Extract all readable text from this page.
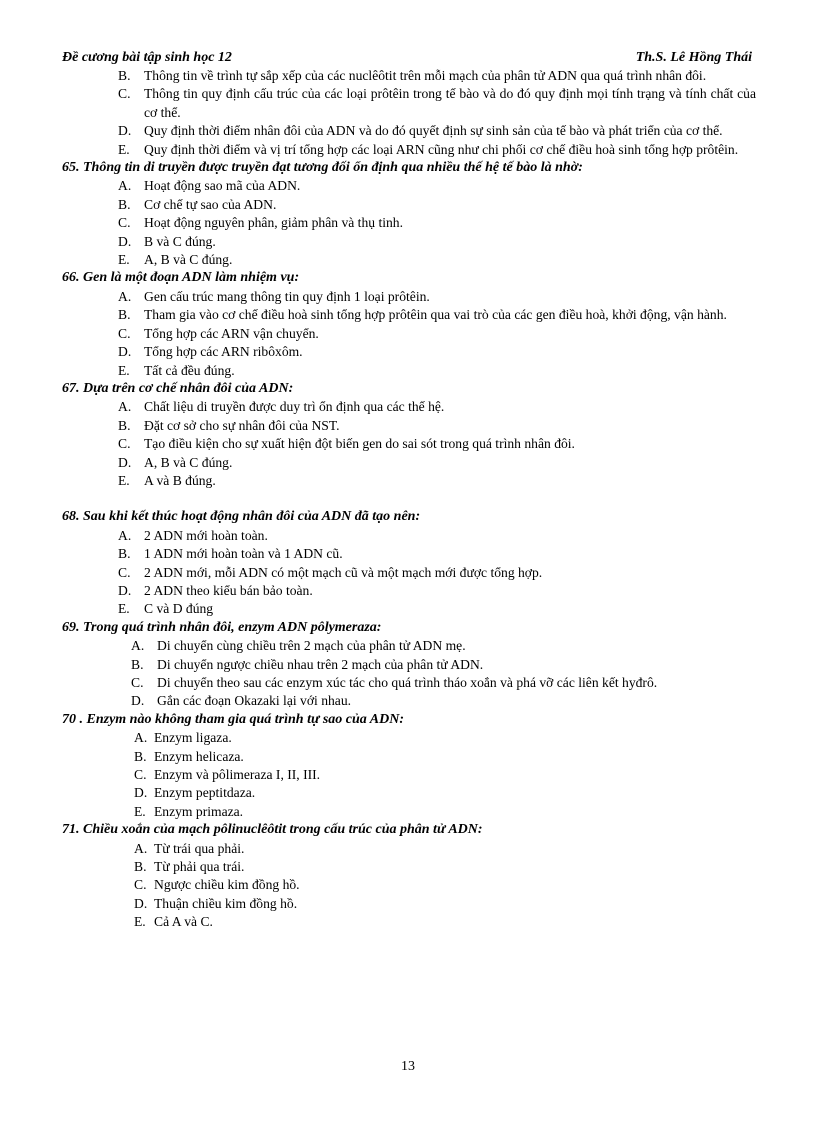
Đề cương bài tập sinh học 12	Th.S. Lê Hồng Thái
B. Thông tin về trình tự sắp xếp của các nuclêôtit trên mỗi mạch của phân tử ADN qua quá trình nhân đôi.
C. Thông tin quy định cấu trúc của các loại prôtêin trong tế bào và do đó quy định mọi tính trạng và tính chất của cơ thể.
D. Quy định thời điểm nhân đôi của ADN và do đó quyết định sự sinh sản của tế bào và phát triển của cơ thể.
E.	Quy định thời điểm và vị trí tổng hợp các loại ARN cũng như chi phối cơ chế điều hoà sinh tổng hợp prôtêin.
65. Thông tin di truyền được truyền đạt tương đối ổn định qua nhiều thế hệ tế bào là nhờ:
A. Hoạt động sao mã của ADN.
B. Cơ chế tự sao của ADN.
C. Hoạt động nguyên phân, giảm phân và thụ tinh.
D. B và C đúng.
E.	A, B và C đúng.
66. Gen là một đoạn ADN làm nhiệm vụ:
A. Gen cấu trúc mang thông tin quy định 1 loại prôtêin.
B. Tham gia vào cơ chế điều hoà sinh tổng hợp prôtêin qua vai trò của các gen điều hoà, khởi động, vận hành.
C. Tổng hợp các ARN vận chuyển.
D. Tổng hợp các ARN ribôxôm.
E.	Tất cả đều đúng.
67. Dựa trên cơ chế nhân đôi của ADN:
A. Chất liệu di truyền được duy trì ổn định qua các thế hệ.
B. Đặt cơ sở cho sự nhân đôi của NST.
C. Tạo điều kiện cho sự xuất hiện đột biến gen do sai sót trong quá trình nhân đôi.
D. A, B và C đúng.
E.	A và B đúng.
68. Sau khi kết thúc hoạt động nhân đôi của ADN đã tạo nên:
A. 2 ADN mới hoàn toàn.
B. 1 ADN mới hoàn toàn và 1 ADN cũ.
C. 2 ADN mới, mỗi ADN có một mạch cũ và một mạch mới được tổng hợp.
D. 2 ADN theo kiểu bán bảo toàn.
E.	C và D đúng
69. Trong quá trình nhân đôi, enzym ADN pôlymeraza:
A. Di chuyển cùng chiều trên 2 mạch của phân tử ADN mẹ.
B. Di chuyển ngược chiều nhau trên 2 mạch của phân tử ADN.
C. Di chuyển theo sau các enzym xúc tác cho quá trình tháo xoắn và phá vỡ các liên kết hyđrô.
D. Gắn các đoạn Okazaki lại với nhau.
70 . Enzym nào không tham gia quá trình tự sao của ADN:
A. Enzym ligaza.
B. Enzym helicaza.
C. Enzym và pôlimeraza I, II, III.
D. Enzym peptitdaza.
E. Enzym primaza.
71. Chiều xoắn của mạch pôlinuclêôtit trong cấu trúc của phân tử ADN:
A. Từ trái qua phải.
B. Từ phải qua trái.
C. Ngược chiều kim đồng hồ.
D. Thuận chiều kim đồng hồ.
E. Cả A và C.
13
